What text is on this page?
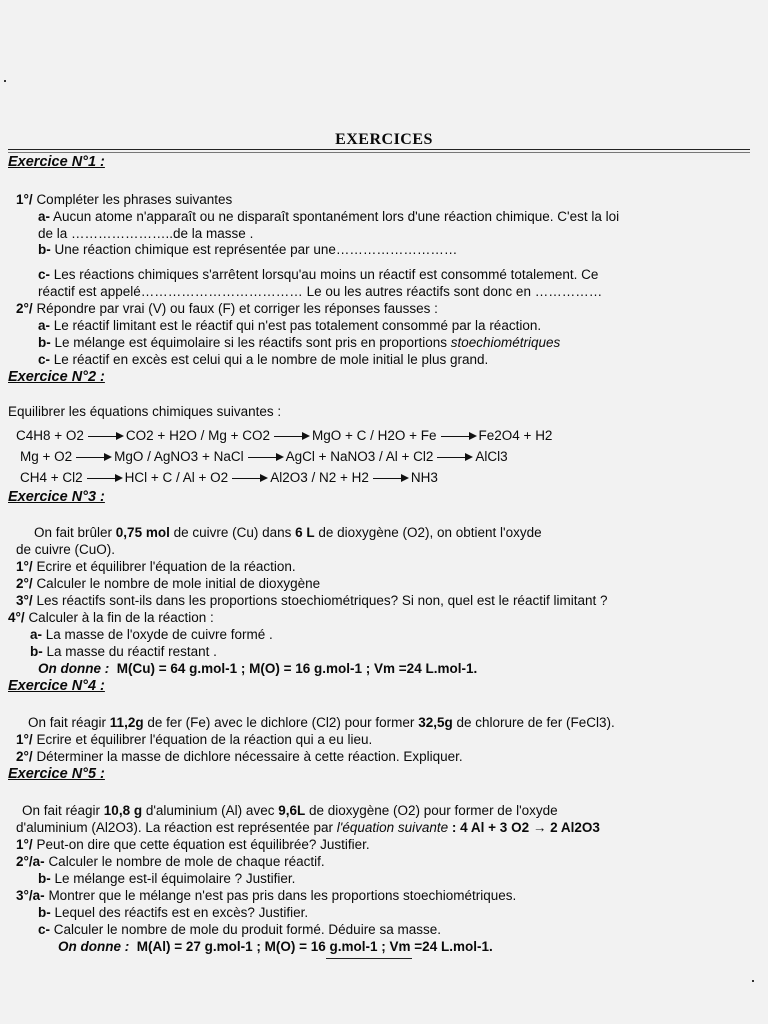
EXERCICES
Exercice N°1 :
1°/ Compléter les phrases suivantes
a- Aucun atome n'apparaît ou ne disparaît spontanément lors d'une réaction chimique. C'est la loi
de la …………………..de la masse .
b- Une réaction chimique est représentée par une………………………
c- Les réactions chimiques s'arrêtent lorsqu'au moins un réactif est consommé totalement. Ce
réactif est appelé……………………………… Le ou les autres réactifs sont donc en ……………
2°/ Répondre par vrai (V) ou faux (F) et corriger les réponses fausses :
a- Le réactif limitant est le réactif qui n'est pas totalement consommé par la réaction.
b- Le mélange est équimolaire si les réactifs sont pris en proportions stoechiométriques
c- Le réactif en excès est celui qui a le nombre de mole initial le plus grand.
Exercice N°2 :
Equilibrer les équations chimiques suivantes :
C4H8 + O2 → CO2 + H2O / Mg + CO2 → MgO + C / H2O + Fe → Fe2O4 + H2
Mg + O2 → MgO / AgNO3 + NaCl → AgCl + NaNO3 / Al + Cl2 → AlCl3
CH4 + Cl2 → HCl + C / Al + O2 → Al2O3 / N2 + H2 → NH3
Exercice N°3 :
On fait brûler 0,75 mol de cuivre (Cu) dans 6 L de dioxygène (O2), on obtient l'oxyde
de cuivre (CuO).
1°/ Ecrire et équilibrer l'équation de la réaction.
2°/ Calculer le nombre de mole initial de dioxygène
3°/ Les réactifs sont-ils dans les proportions stoechiométriques? Si non, quel est le réactif limitant ?
4°/ Calculer à la fin de la réaction :
a- La masse de l'oxyde de cuivre formé .
b- La masse du réactif restant .
On donne : M(Cu) = 64 g.mol-1 ; M(O) = 16 g.mol-1 ; Vm =24 L.mol-1.
Exercice N°4 :
On fait réagir 11,2g de fer (Fe) avec le dichlore (Cl2) pour former 32,5g de chlorure de fer (FeCl3).
1°/ Ecrire et équilibrer l'équation de la réaction qui a eu lieu.
2°/ Déterminer la masse de dichlore nécessaire à cette réaction. Expliquer.
Exercice N°5 :
On fait réagir 10,8 g d'aluminium (Al) avec 9,6L de dioxygène (O2) pour former de l'oxyde
d'aluminium (Al2O3). La réaction est représentée par l'équation suivante : 4 Al + 3 O2 → 2 Al2O3
1°/ Peut-on dire que cette équation est équilibrée? Justifier.
2°/a- Calculer le nombre de mole de chaque réactif.
b- Le mélange est-il équimolaire ? Justifier.
3°/a- Montrer que le mélange n'est pas pris dans les proportions stoechiométriques.
b- Lequel des réactifs est en excès? Justifier.
c- Calculer le nombre de mole du produit formé. Déduire sa masse.
On donne : M(Al) = 27 g.mol-1 ; M(O) = 16 g.mol-1 ; Vm =24 L.mol-1.
